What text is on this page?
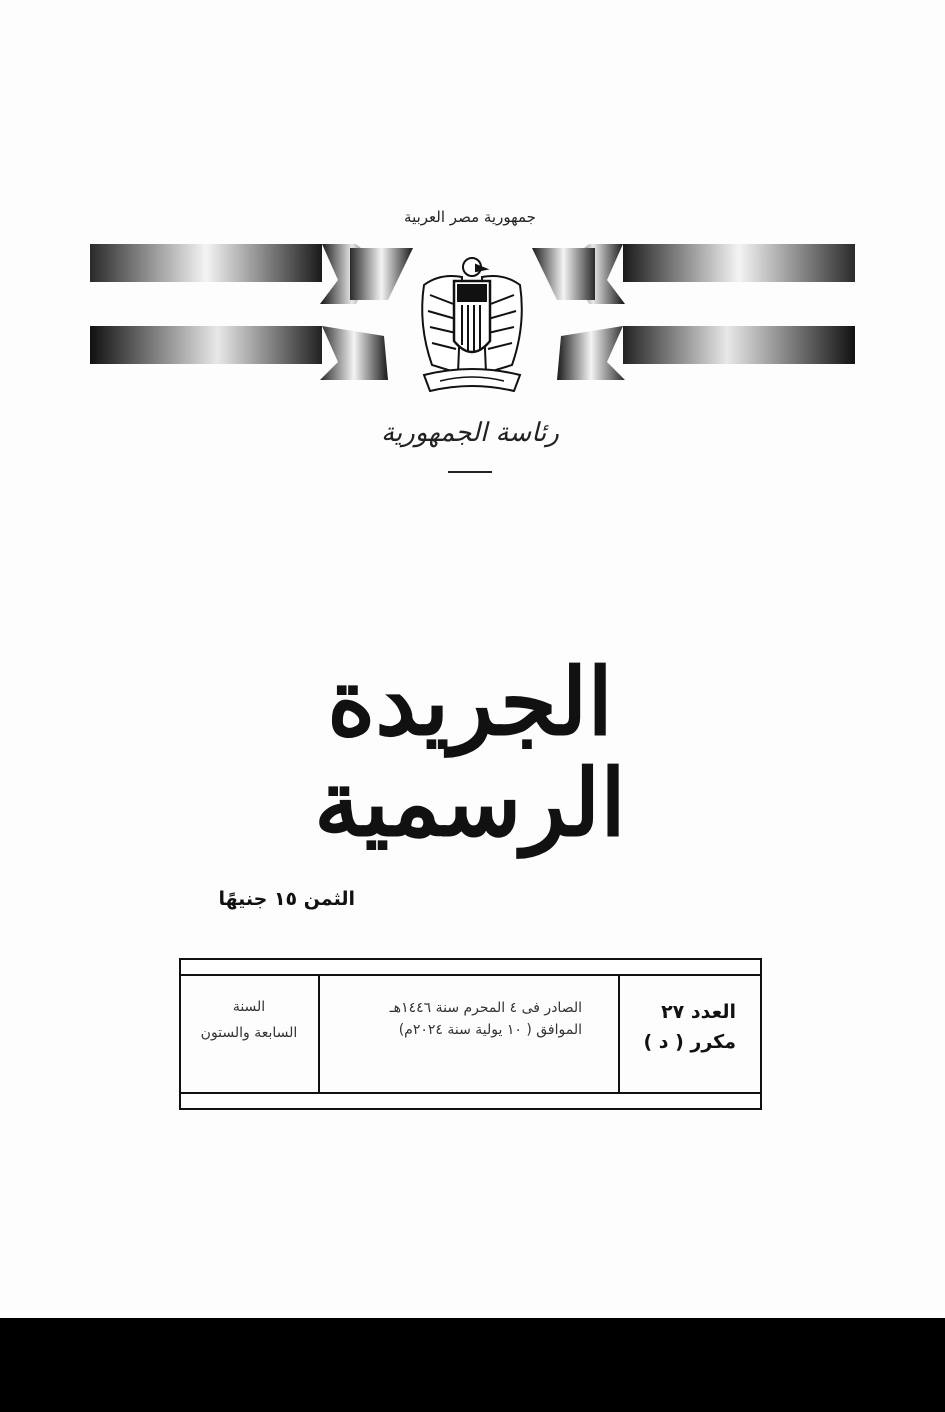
جمهورية مصر العربية
رئاسة الجمهورية
الجريدة الرسمية
الثمن ١٥ جنيهًا
العدد ٢٧
مكرر ( د )
الصادر فى ٤ المحرم سنة ١٤٤٦هـ
الموافق ( ١٠ يولية سنة ٢٠٢٤م)
السنة
السابعة والستون
